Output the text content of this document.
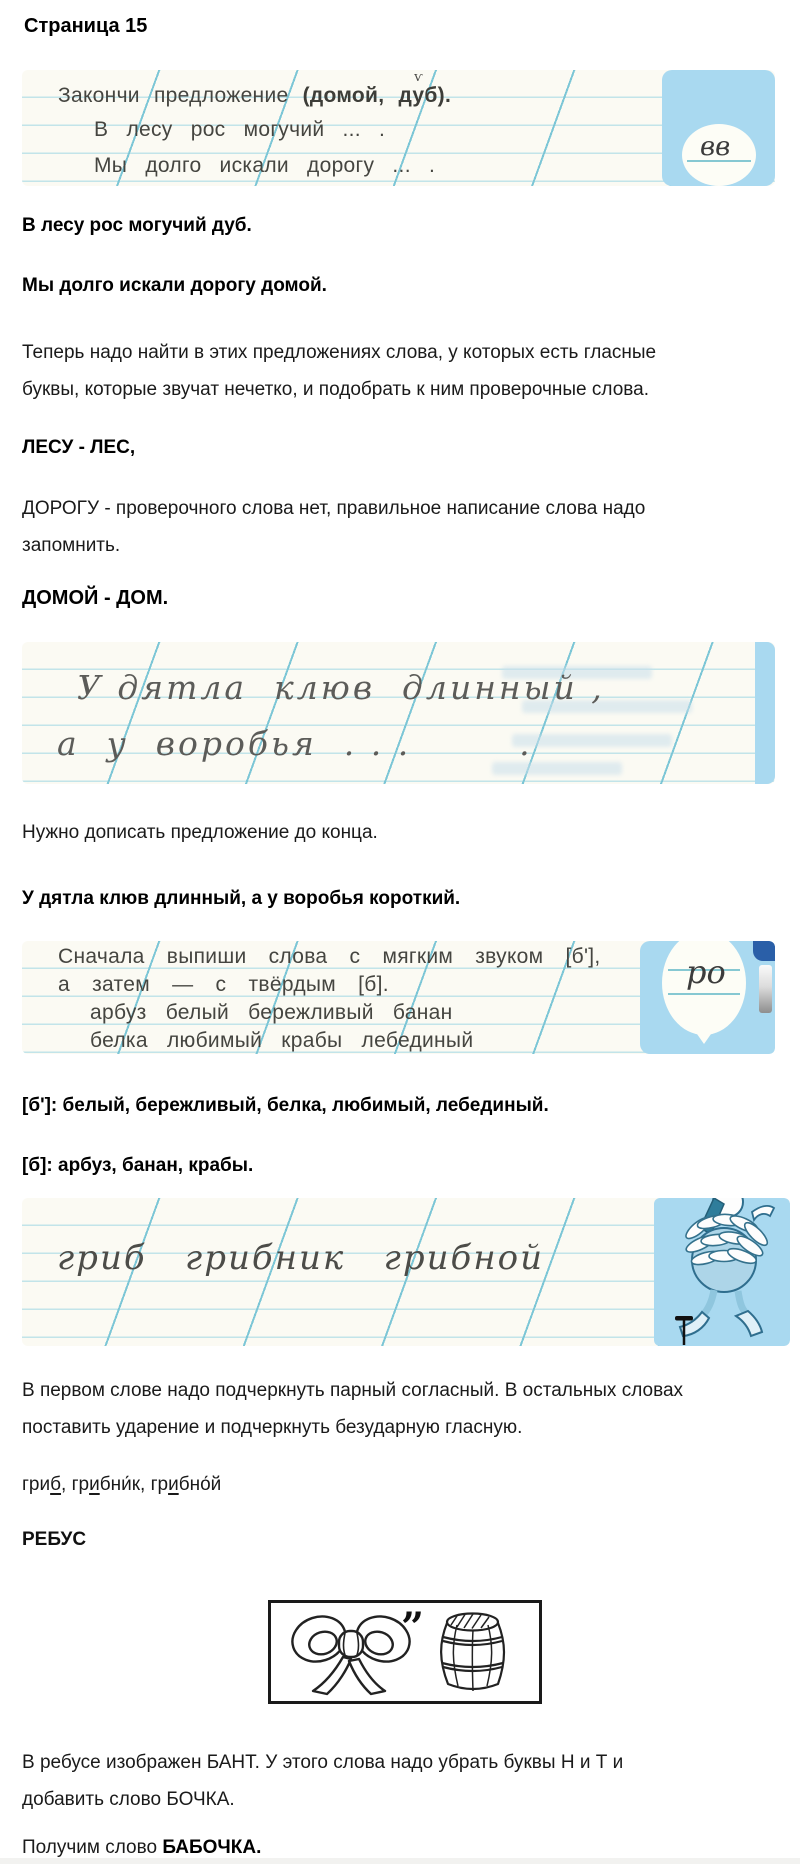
Страница 15
ѵ
Закончи предложение (домой, дуб).
В лесу рос могучий ... .
Мы долго искали дорогу ... .
вв

В лесу рос могучий дуб.

Мы долго искали дорогу домой.

Теперь надо найти в этих предложениях слова, у которых есть гласные
буквы, которые звучат нечетко, и подобрать к ним проверочные слова.

ЛЕСУ - ЛЕС,

ДОРОГУ - проверочного слова нет, правильное написание слова надо
запомнить.

ДОМОЙ - ДОМ.

У дятла  клюв  длинный ,
а  у  воробья  . . .        .
Нужно дописать предложение до конца.

У дятла клюв длинный, а у воробья короткий.

Сначала выпиши слова с мягким звуком [б'],
а затем — с твёрдым [б].
арбуз белый бережливый банан
белка любимый крабы лебединый
ро

[б']: белый, бережливый, белка, любимый, лебединый.

[б]: арбуз, банан, крабы.

гриб   грибник   грибной
В первом слове надо подчеркнуть парный согласный. В остальных словах
поставить ударение и подчеркнуть безударную гласную.

гриб, грибни́к, грибно́й

РЕБУС

”
В ребусе изображен БАНТ. У этого слова надо убрать буквы Н и Т и
добавить слово БОЧКА.

Получим слово БАБОЧКА.
